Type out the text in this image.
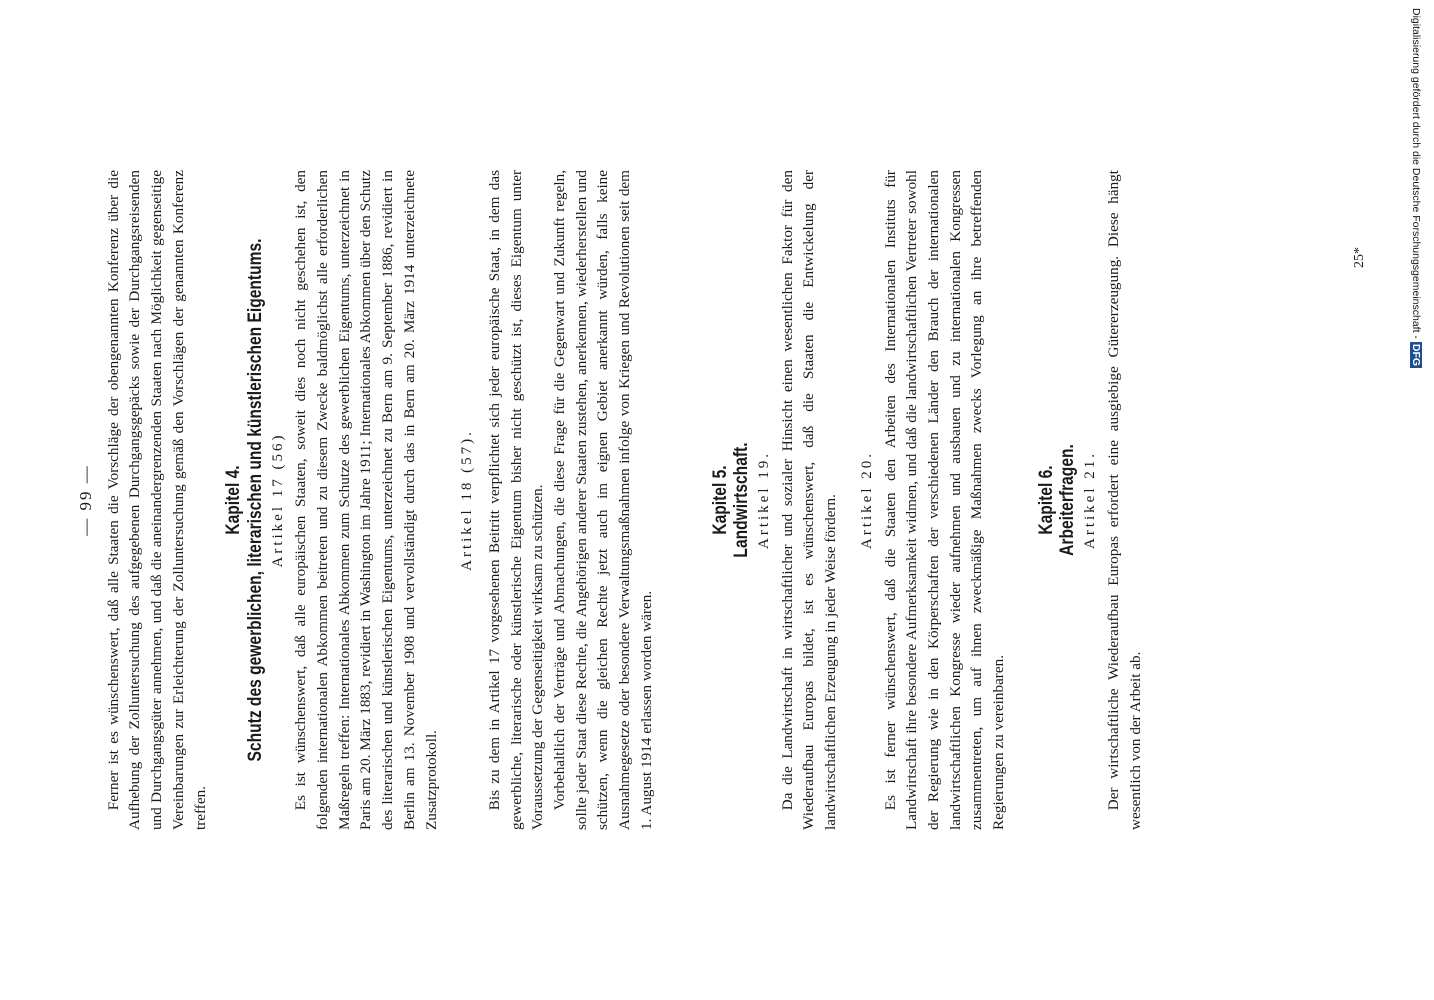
— 99 — Ferner ist es wünschenswert, daß alle Staaten die Vorschläge der obengenannten Konferenz über die Aufhebung der Zolluntersuchung des aufgegebenen Durchgangsgepäcks sowie der Durchgangsreisenden und Durchgangsgüter annehmen, und daß die aneinandergrenzenden Staaten nach Möglichkeit gegenseitige Vereinbarungen zur Erleichterung der Zolluntersuchung gemäß den Vorschlägen der genannten Konferenz treffen.

Kapitel 4. Schutz des gewerblichen, literarischen und künstlerischen Eigentums. Artikel 17 (56) Es ist wünschenswert, daß alle europäischen Staaten, soweit dies noch nicht geschehen ist, den folgenden internationalen Abkommen beitreten und zu diesem Zwecke baldmöglichst alle erforderlichen Maßregeln treffen: Internationales Abkommen zum Schutze des gewerblichen Eigentums, unterzeichnet in Paris am 20. März 1883, revidiert in Washington im Jahre 1911; Internationales Abkommen über den Schutz des literarischen und künstlerischen Eigentums, unterzeichnet zu Bern am 9. September 1886, revidiert in Berlin am 13. November 1908 und vervollständigt durch das in Bern am 20. März 1914 unterzeichnete Zusatzprotokoll.

Artikel 18 (57). Bis zu dem in Artikel 17 vorgesehenen Beitritt verpflichtet sich jeder europäische Staat, in dem das gewerbliche, literarische oder künstlerische Eigentum bisher nicht geschützt ist, dieses Eigentum unter Voraussetzung der Gegenseitigkeit wirksam zu schützen. Vorbehaltlich der Verträge und Abmachungen, die diese Frage für die Gegenwart und Zukunft regeln, sollte jeder Staat diese Rechte, die Angehörigen anderer Staaten zustehen, anerkennen, wiederherstellen und schützen, wenn die gleichen Rechte jetzt auch im eignen Gebiet anerkannt würden, falls keine Ausnahmegesetze oder besondere Verwaltungsmaßnahmen infolge von Kriegen und Revolutionen seit dem 1. August 1914 erlassen worden wären.

Kapitel 5. Landwirtschaft. Artikel 19. Da die Landwirtschaft in wirtschaftlicher und sozialer Hinsicht einen wesentlichen Faktor für den Wiederaufbau Europas bildet, ist es wünschenswert, daß die Staaten die Entwickelung der landwirtschaftlichen Erzeugung in jeder Weise fördern. Artikel 20. Es ist ferner wünschenswert, daß die Staaten den Arbeiten des Internationalen Instituts für Landwirtschaft ihre besondere Aufmerksamkeit widmen, und daß die landwirtschaftlichen Vertreter sowohl der Regierung wie in den Körperschaften der verschiedenen Länder den Brauch der internationalen landwirtschaftlichen Kongresse wieder aufnehmen und ausbauen und zu internationalen Kongressen zusammentreten, um auf ihnen zweckmäßige Maßnahmen zwecks Vorlegung an ihre betreffenden Regierungen zu vereinbaren.

Kapitel 6. Arbeiterfragen. Artikel 21. Der wirtschaftliche Wiederaufbau Europas erfordert eine ausgiebige Gütererzeugung. Diese hängt wesentlich von der Arbeit ab.

25*	Digitalisierung gefördert durch die Deutsche Forschungsgemeinschaft -DFG
